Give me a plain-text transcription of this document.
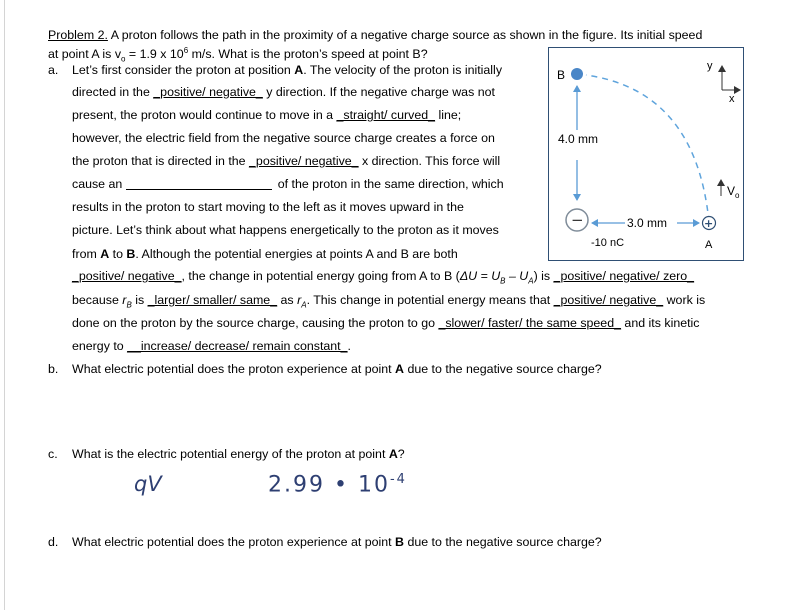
Problem 2. A proton follows the path in the proximity of a negative charge source as shown in the figure. Its initial speed
at point A is $v_o = 1.9$ x $10^6$ m/s. What is the proton’s speed at point B?
a. Let’s first consider the proton at position A. The velocity of the proton is initially
directed in the _positive/ negative_ y direction. If the negative charge was not
present, the proton would continue to move in a _straight/ curved_ line;
however, the electric field from the negative source charge creates a force on
the proton that is directed in the _positive/ negative_ x direction. This force will
cause an	of the proton in the same direction, which
results in the proton to start moving to the left as it moves upward in the
picture. Let’s think about what happens energetically to the proton as it moves
from A to B. Although the potential energies at points A and B are both
_positive/ negative_, the change in potential energy going from A to B $(\Delta U = U_B - U_A)$ is _positive/ negative/ zero_
because $r_B$ is _larger/ smaller/ same_ as $r_A$. This change in potential energy means that _positive/ negative_ work is
done on the proton by the source charge, causing the proton to go _slower/ faster/ the same speed_ and its kinetic
energy to __increase/ decrease/ remain constant_.
b. What electric potential does the proton experience at point A due to the negative source charge?
c. What is the electric potential energy of the proton at point A?
qV	2.99 • $10^{-4}$
d. What electric potential does the proton experience at point B due to the negative source charge?
B
4.0 mm
y
x
$V_o$
−	3.0 mm	+
-10 nC	A
